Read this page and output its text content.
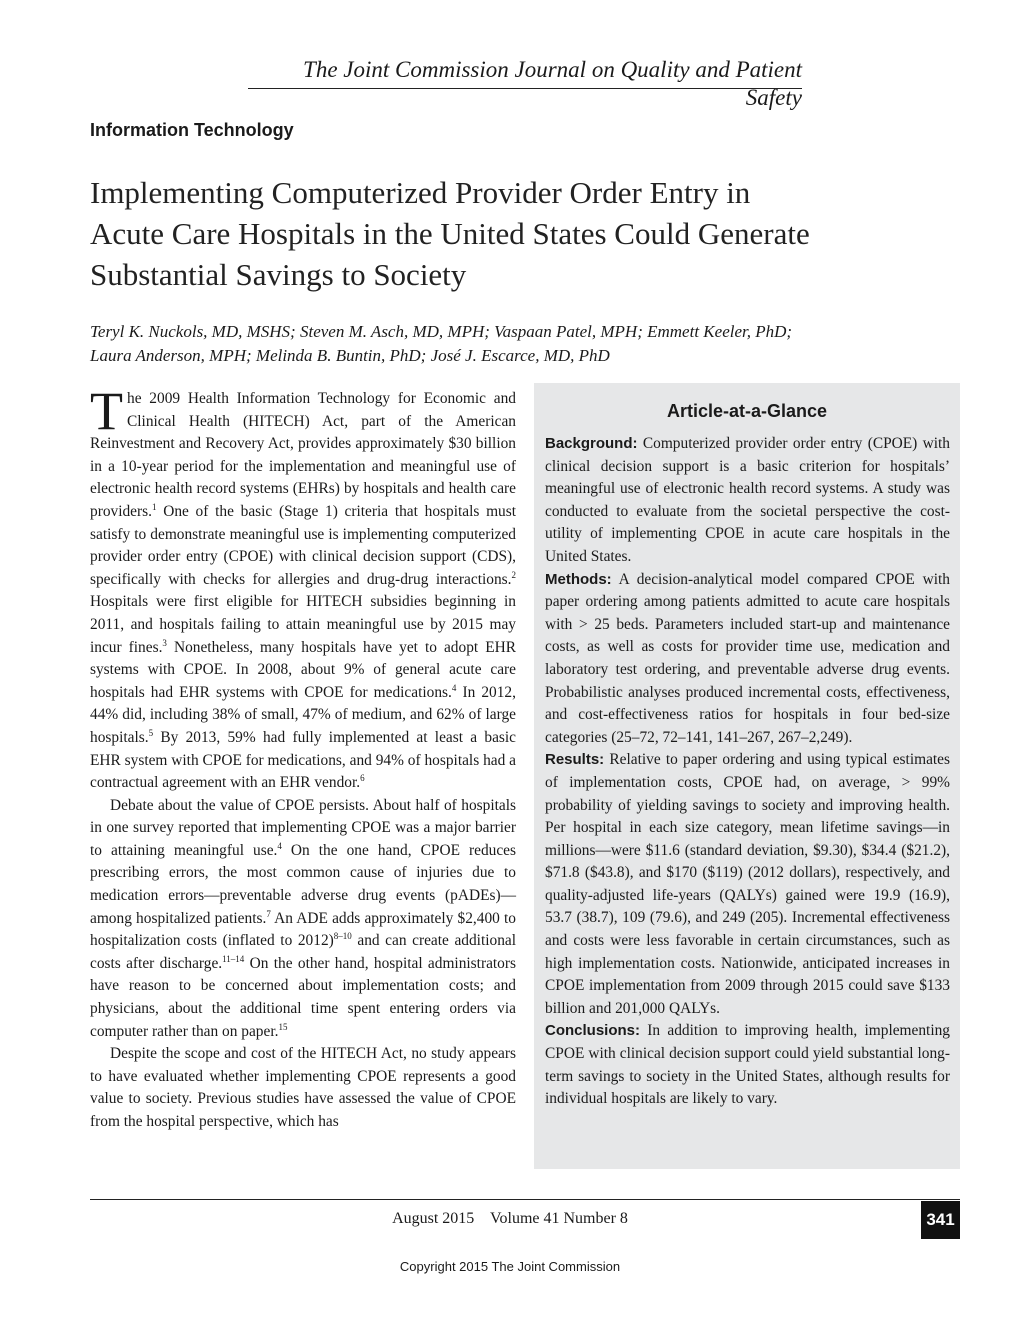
The Joint Commission Journal on Quality and Patient Safety
Information Technology
Implementing Computerized Provider Order Entry in
Acute Care Hospitals in the United States Could Generate
Substantial Savings to Society
Teryl K. Nuckols, MD, MSHS; Steven M. Asch, MD, MPH; Vaspaan Patel, MPH; Emmett Keeler, PhD;
Laura Anderson, MPH; Melinda B. Buntin, PhD; José J. Escarce, MD, PhD

The 2009 Health Information Technology for Economic and Clinical Health (HITECH) Act, part of the American Reinvestment and Recovery Act, provides approximately $30 billion in a 10-year period for the implementation and meaningful use of electronic health record systems (EHRs) by hospitals and health care providers.$^1$ One of the basic (Stage 1) criteria that hospitals must satisfy to demonstrate meaningful use is implementing computerized provider order entry (CPOE) with clinical decision support (CDS), specifically with checks for allergies and drug-drug interactions.$^2$ Hospitals were first eligible for HITECH subsidies beginning in 2011, and hospitals failing to attain meaningful use by 2015 may incur fines.$^3$ Nonetheless, many hospitals have yet to adopt EHR systems with CPOE. In 2008, about 9% of general acute care hospitals had EHR systems with CPOE for medications.$^4$ In 2012, 44% did, including 38% of small, 47% of medium, and 62% of large hospitals.$^5$ By 2013, 59% had fully implemented at least a basic EHR system with CPOE for medications, and 94% of hospitals had a contractual agreement with an EHR vendor.$^6$

Debate about the value of CPOE persists. About half of hospitals in one survey reported that implementing CPOE was a major barrier to attaining meaningful use.$^4$ On the one hand, CPOE reduces prescribing errors, the most common cause of injuries due to medication errors—preventable adverse drug events (pADEs)—among hospitalized patients.$^7$ An ADE adds approximately $2,400 to hospitalization costs (inflated to 2012)$^{8-10}$ and can create additional costs after discharge.$^{11-14}$ On the other hand, hospital administrators have reason to be concerned about implementation costs; and physicians, about the additional time spent entering orders via computer rather than on paper.$^{15}$

Despite the scope and cost of the HITECH Act, no study appears to have evaluated whether implementing CPOE represents a good value to society. Previous studies have assessed the value of CPOE from the hospital perspective, which has

Article-at-a-Glance

Background: Computerized provider order entry (CPOE) with clinical decision support is a basic criterion for hospitals’ meaningful use of electronic health record systems. A study was conducted to evaluate from the societal perspective the cost-utility of implementing CPOE in acute care hospitals in the United States.

Methods: A decision-analytical model compared CPOE with paper ordering among patients admitted to acute care hospitals with > 25 beds. Parameters included start-up and maintenance costs, as well as costs for provider time use, medication and laboratory test ordering, and preventable adverse drug events. Probabilistic analyses produced incremental costs, effectiveness, and cost-effectiveness ratios for hospitals in four bed-size categories (25–72, 72–141, 141–267, 267–2,249).

Results: Relative to paper ordering and using typical estimates of implementation costs, CPOE had, on average, > 99% probability of yielding savings to society and improving health. Per hospital in each size category, mean lifetime savings—in millions—were $11.6 (standard deviation, $9.30), $34.4 ($21.2), $71.8 ($43.8), and $170 ($119) (2012 dollars), respectively, and quality-adjusted life-years (QALYs) gained were 19.9 (16.9), 53.7 (38.7), 109 (79.6), and 249 (205). Incremental effectiveness and costs were less favorable in certain circumstances, such as high implementation costs. Nationwide, anticipated increases in CPOE implementation from 2009 through 2015 could save $133 billion and 201,000 QALYs.

Conclusions: In addition to improving health, implementing CPOE with clinical decision support could yield substantial long-term savings to society in the United States, although results for individual hospitals are likely to vary.

August 2015    Volume 41 Number 8	341
Copyright 2015 The Joint Commission
